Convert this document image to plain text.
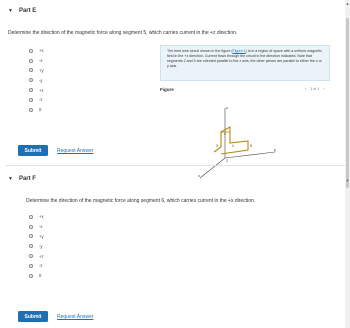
▼ Part E
Determine the direction of the magnetic force along segment 5, which carries current in the +z direction.
+x
-x
+y
-y
+z
-z
0
Submit	Request Answer
The bent wire circuit shown in the figure (Figure 1) is in a region of space with a uniform magnetic field in the +z direction. Current flows through the circuit in the direction indicated. Note that segments 2 and 5 are oriented parallel to the z axis; the other pieces are parallel to either the x or y axis.
Figure	‹ 1 of 1 ›
z
y
x
4
3	1
2
5
▼ Part F
Determine the direction of the magnetic force along segment 6, which carries current in the +x direction.
+x
-x
+y
-y
+z
-z
0
Submit	Request Answer
▲
▼
